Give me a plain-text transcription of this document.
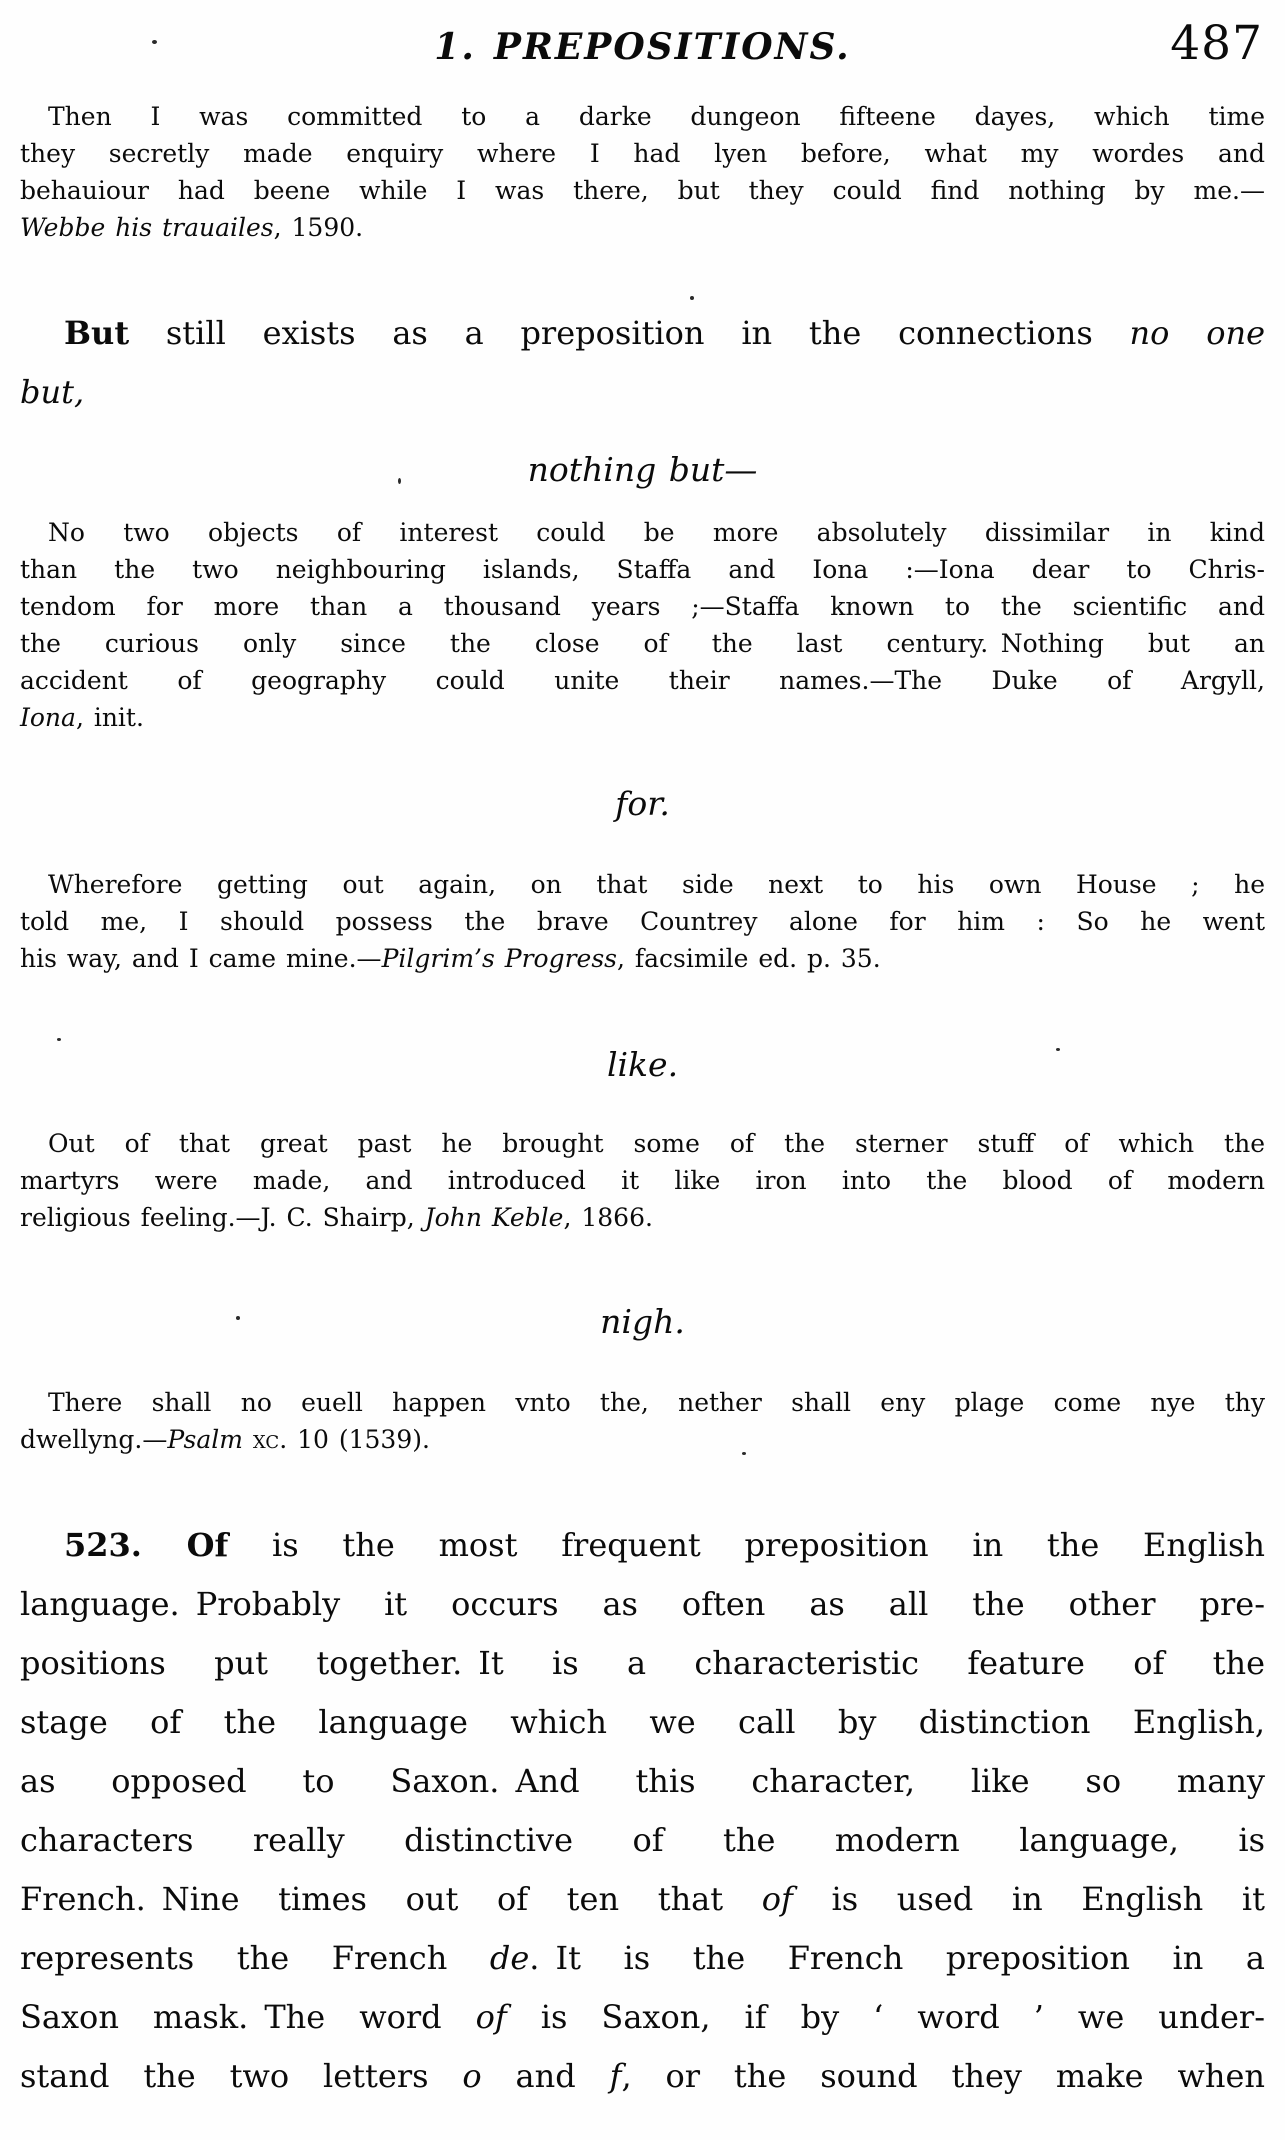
1. PREPOSITIONS.	487
Then I was committed to a darke dungeon fifteene dayes, which time
they secretly made enquiry where I had lyen before, what my wordes and
behauiour had beene while I was there, but they could find nothing by me.—
Webbe his trauailes, 1590.
But still exists as a preposition in the connections no one
but,
nothing but—
No two objects of interest could be more absolutely dissimilar in kind
than the two neighbouring islands, Staffa and Iona :—Iona dear to Chris-
tendom for more than a thousand years ;—Staffa known to the scientific and
the curious only since the close of the last century. Nothing but an
accident of geography could unite their names.—The Duke of Argyll,
Iona, init.
for.
Wherefore getting out again, on that side next to his own House ; he
told me, I should possess the brave Countrey alone for him : So he went
his way, and I came mine.—Pilgrim’s Progress, facsimile ed. p. 35.
like.
Out of that great past he brought some of the sterner stuff of which the
martyrs were made, and introduced it like iron into the blood of modern
religious feeling.—J. C. Shairp, John Keble, 1866.
nigh.
There shall no euell happen vnto the, nether shall eny plage come nye thy
dwellyng.—Psalm xc. 10 (1539).
523. Of is the most frequent preposition in the English
language. Probably it occurs as often as all the other pre-
positions put together. It is a characteristic feature of the
stage of the language which we call by distinction English,
as opposed to Saxon. And this character, like so many
characters really distinctive of the modern language, is
French. Nine times out of ten that of is used in English it
represents the French de. It is the French preposition in a
Saxon mask. The word of is Saxon, if by ‘ word ’ we under-
stand the two letters o and f, or the sound they make when
